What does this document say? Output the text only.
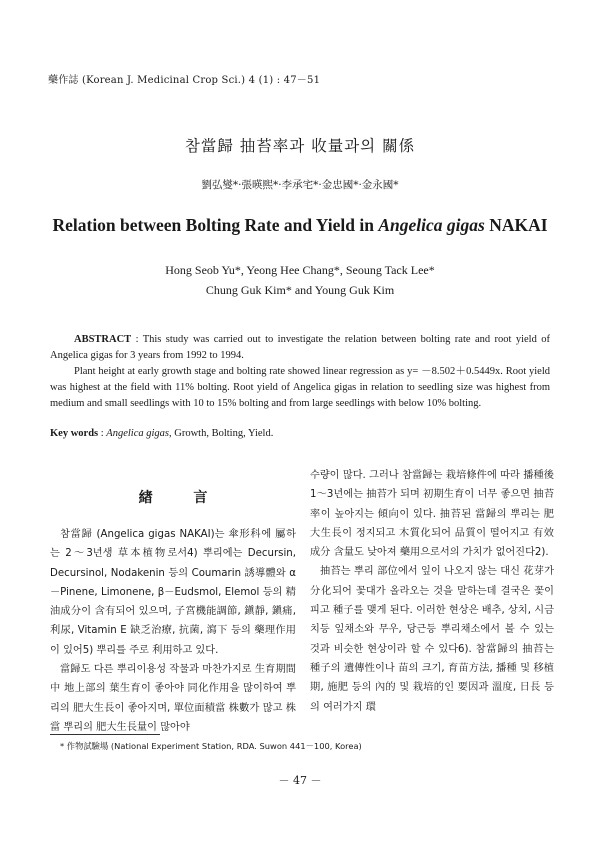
藥作誌 (Korean J. Medicinal Crop Sci.) 4 (1) : 47－51
참當歸 抽苔率과 收量과의 關係
劉弘燮*·張暎熙*·李承宅*·金忠國*·金永國*
Relation between Bolting Rate and Yield in Angelica gigas NAKAI
Hong Seob Yu*, Yeong Hee Chang*, Seoung Tack Lee*
Chung Guk Kim* and Young Guk Kim

ABSTRACT : This study was carried out to investigate the relation between bolting rate and root yield of Angelica gigas for 3 years from 1992 to 1994.

Plant height at early growth stage and bolting rate showed linear regression as y= －8.502＋0.5449x. Root yield was highest at the field with 11% bolting. Root yield of Angelica gigas in relation to seedling size was highest from medium and small seedlings with 10 to 15% bolting and from large seedlings with below 10% bolting.

Key words : Angelica gigas, Growth, Bolting, Yield.
緖 言

참當歸 (Angelica gigas NAKAI)는 傘形科에 屬하는 2～3년생 草本植物로서4) 뿌리에는 Decursin, Decursinol, Nodakenin 등의 Coumarin 誘導體와 α－Pinene, Limonene, β－Eudsmol, Elemol 등의 精油成分이 含有되어 있으며, 子宮機能調節, 鎭靜, 鎭痛, 利尿, Vitamin E 缺乏治療, 抗菌, 瀉下 등의 藥理作用이 있어5) 뿌리를 주로 利用하고 있다.

當歸도 다른 뿌리이용성 작물과 마찬가지로 生育期間中 地上部의 葉生育이 좋아야 同化作用을 많이하여 뿌리의 肥大生長이 좋아지며, 單位面積當 株數가 많고 株當 뿌리의 肥大生長量이 많아야

수량이 많다. 그러나 참當歸는 栽培條件에 따라 播種後 1～3년에는 抽苔가 되며 初期生育이 너무 좋으면 抽苔率이 높아지는 傾向이 있다. 抽苔된 當歸의 뿌리는 肥大生長이 정지되고 木質化되어 品質이 떨어지고 有效成分 含量도 낮아져 藥用으로서의 가치가 없어진다2).

抽苔는 뿌리 部位에서 잎이 나오지 않는 대신 花芽가 分化되어 꽃대가 올라오는 것을 말하는데 결국은 꽃이 피고 種子를 맺게 된다. 이러한 현상은 배추, 상치, 시금치등 잎채소와 무우, 당근등 뿌리채소에서 볼 수 있는 것과 비슷한 현상이라 할 수 있다6). 참當歸의 抽苔는 種子의 遺傳性이나 苗의 크기, 育苗方法, 播種 및 移植期, 施肥 등의 內的 및 栽培的인 要因과 溫度, 日長 등의 여러가지 環

* 作物試驗場 (National Experiment Station, RDA. Suwon 441－100, Korea)
－ 47 －
